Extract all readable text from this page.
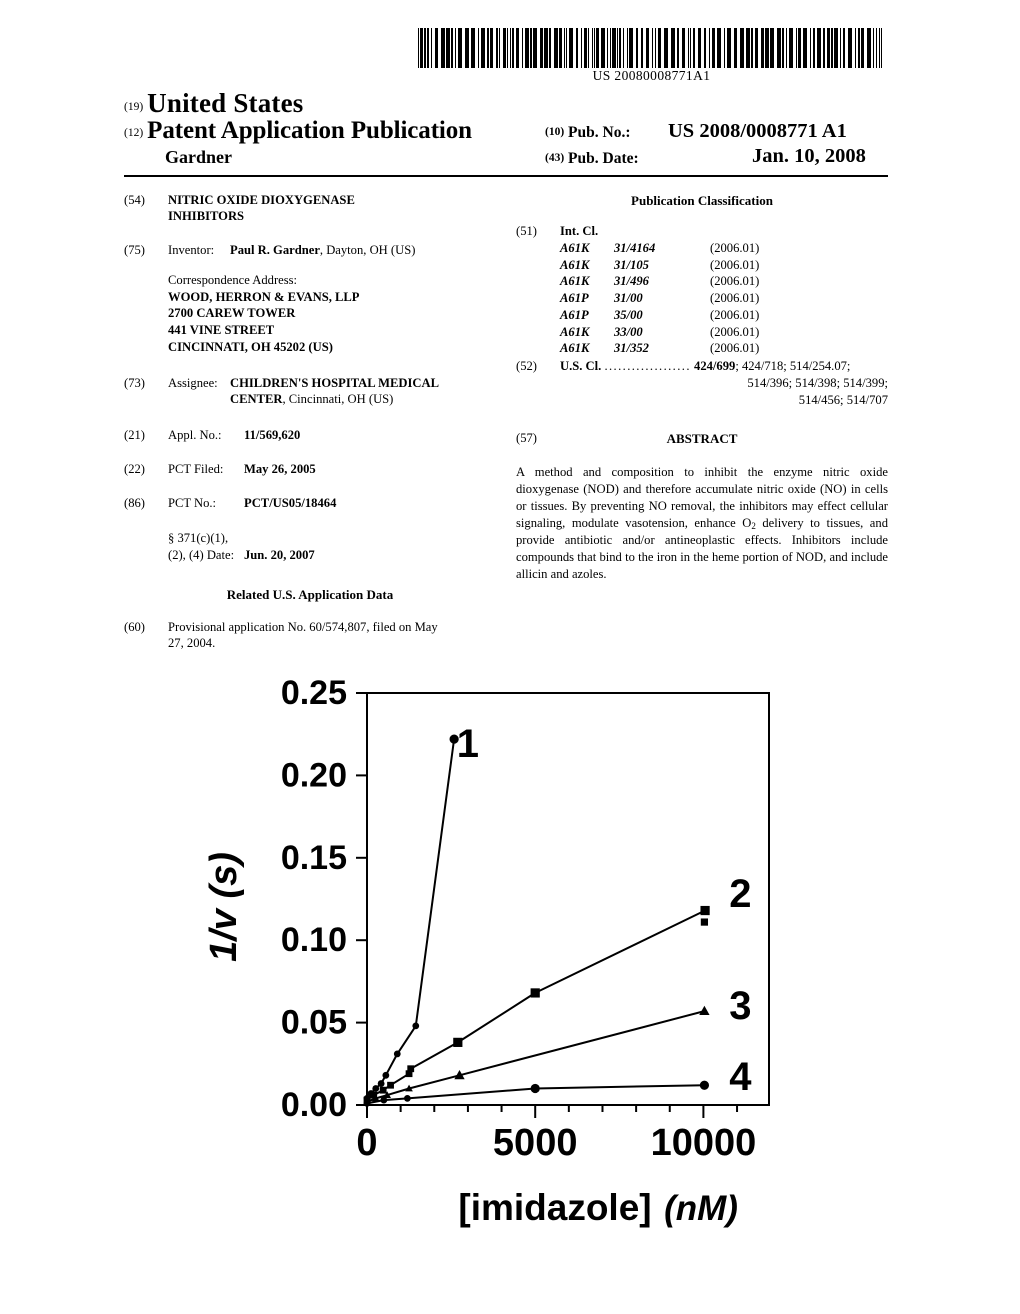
US 20080008771A1
(19) United States
(12) Patent Application Publication
Gardner
(10) Pub. No.: US 2008/0008771 A1
(43) Pub. Date:	Jan. 10, 2008
(54)	NITRIC OXIDE DIOXYGENASE
INHIBITORS
(75)	Inventor: Paul R. Gardner, Dayton, OH (US)
Correspondence Address:
WOOD, HERRON & EVANS, LLP
2700 CAREW TOWER
441 VINE STREET
CINCINNATI, OH 45202 (US)
(73)	Assignee: CHILDREN'S HOSPITAL MEDICAL
CENTER, Cincinnati, OH (US)
(21)	Appl. No.:	11/569,620
(22)	PCT Filed:	May 26, 2005
(86)	PCT No.:	PCT/US05/18464
§ 371(c)(1),
(2), (4) Date: Jun. 20, 2007
Related U.S. Application Data
(60)	Provisional application No. 60/574,807, filed on May
27, 2004.
Publication Classification
(51)	Int. Cl.
A61K	31/4164	(2006.01)
A61K	31/105	(2006.01)
A61K	31/496	(2006.01)
A61P	31/00	(2006.01)
A61P	35/00	(2006.01)
A61K	33/00	(2006.01)
A61K	31/352	(2006.01)
(52)	U.S. Cl. ................... 424/699; 424/718; 514/254.07;
514/396; 514/398; 514/399;
514/456; 514/707
(57)	ABSTRACT

A method and composition to inhibit the enzyme nitric oxide dioxygenase (NOD) and therefore accumulate nitric oxide (NO) in cells or tissues. By preventing NO removal, the inhibitors may effect cellular signaling, modulate vasotension, enhance $O_2$ delivery to tissues, and provide antibiotic and/or antineoplastic effects. Inhibitors include compounds that bind to the iron in the heme portion of NOD, and include allicin and azoles.

0.00
0.05
0.10
0.15
0.20
0.25
0	5000 10000
[imidazole] (nM)
1/v (s)
1
2
3
4
